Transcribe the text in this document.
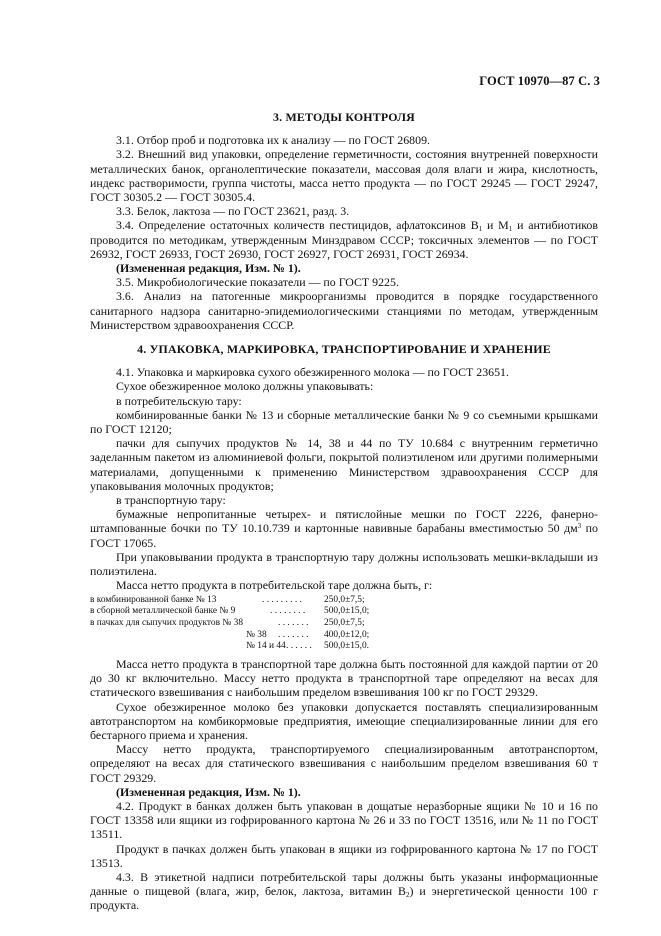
ГОСТ 10970—87 С. 3
3. МЕТОДЫ КОНТРОЛЯ

3.1. Отбор проб и подготовка их к анализу — по ГОСТ 26809.

3.2. Внешний вид упаковки, определение герметичности, состояния внутренней поверхности металлических банок, органолептические показатели, массовая доля влаги и жира, кислотность, индекс растворимости, группа чистоты, масса нетто продукта — по ГОСТ 29245 — ГОСТ 29247, ГОСТ 30305.2 — ГОСТ 30305.4.

3.3. Белок, лактоза — по ГОСТ 23621, разд. 3.

3.4. Определение остаточных количеств пестицидов, афлатоксинов $B_1$ и $M_1$ и антибиотиков проводится по методикам, утвержденным Минздравом СССР; токсичных элементов — по ГОСТ 26932, ГОСТ 26933, ГОСТ 26930, ГОСТ 26927, ГОСТ 26931, ГОСТ 26934.

(Измененная редакция, Изм. № 1).

3.5. Микробиологические показатели — по ГОСТ 9225.

3.6. Анализ на патогенные микроорганизмы проводится в порядке государственного санитарного надзора санитарно-эпидемиологическими станциями по методам, утвержденным Министерством здравоохранения СССР.

4. УПАКОВКА, МАРКИРОВКА, ТРАНСПОРТИРОВАНИЕ И ХРАНЕНИЕ

4.1. Упаковка и маркировка сухого обезжиренного молока — по ГОСТ 23651.

Сухое обезжиренное молоко должны упаковывать:

в потребительскую тару:

комбинированные банки № 13 и сборные металлические банки № 9 со съемными крышками по ГОСТ 12120;

пачки для сыпучих продуктов № 14, 38 и 44 по ТУ 10.684 с внутренним герметично заделанным пакетом из алюминиевой фольги, покрытой полиэтиленом или другими полимерными материалами, допущенными к применению Министерством здравоохранения СССР для упаковывания молочных продуктов;

в транспортную тару:

бумажные непропитанные четырех- и пятислойные мешки по ГОСТ 2226, фанерно-штампованные бочки по ТУ 10.10.739 и картонные навивные барабаны вместимостью 50 $дм^3$ по ГОСТ 17065.

При упаковывании продукта в транспортную тару должны использовать мешки-вкладыши из полиэтилена.

Масса нетто продукта в потребительской таре должна быть, г:

в комбинированной банке № 13	. . . . . . . . .	250,0±7,5;
в сборной металлической банке № 9	. . . . . . . .	500,0±15,0;
в пачках для сыпучих продуктов № 38	. . . . . . .	250,0±7,5;
№ 38	. . . . . . .	400,0±12,0;
№ 14 и 44 . . . . . .	500,0±15,0.

Масса нетто продукта в транспортной таре должна быть постоянной для каждой партии от 20 до 30 кг включительно. Массу нетто продукта в транспортной таре определяют на весах для статического взвешивания с наибольшим пределом взвешивания 100 кг по ГОСТ 29329.

Сухое обезжиренное молоко без упаковки допускается поставлять специализированным автотранспортом на комбикормовые предприятия, имеющие специализированные линии для его бестарного приема и хранения.

Массу нетто продукта, транспортируемого специализированным автотранспортом, определяют на весах для статического взвешивания с наибольшим пределом взвешивания 60 т ГОСТ 29329.

(Измененная редакция, Изм. № 1).

4.2. Продукт в банках должен быть упакован в дощатые неразборные ящики № 10 и 16 по ГОСТ 13358 или ящики из гофрированного картона № 26 и 33 по ГОСТ 13516, или № 11 по ГОСТ 13511.

Продукт в пачках должен быть упакован в ящики из гофрированного картона № 17 по ГОСТ 13513.

4.3. В этикетной надписи потребительской тары должны быть указаны информационные данные о пищевой (влага, жир, белок, лактоза, витамин $B_2$) и энергетической ценности 100 г продукта.
